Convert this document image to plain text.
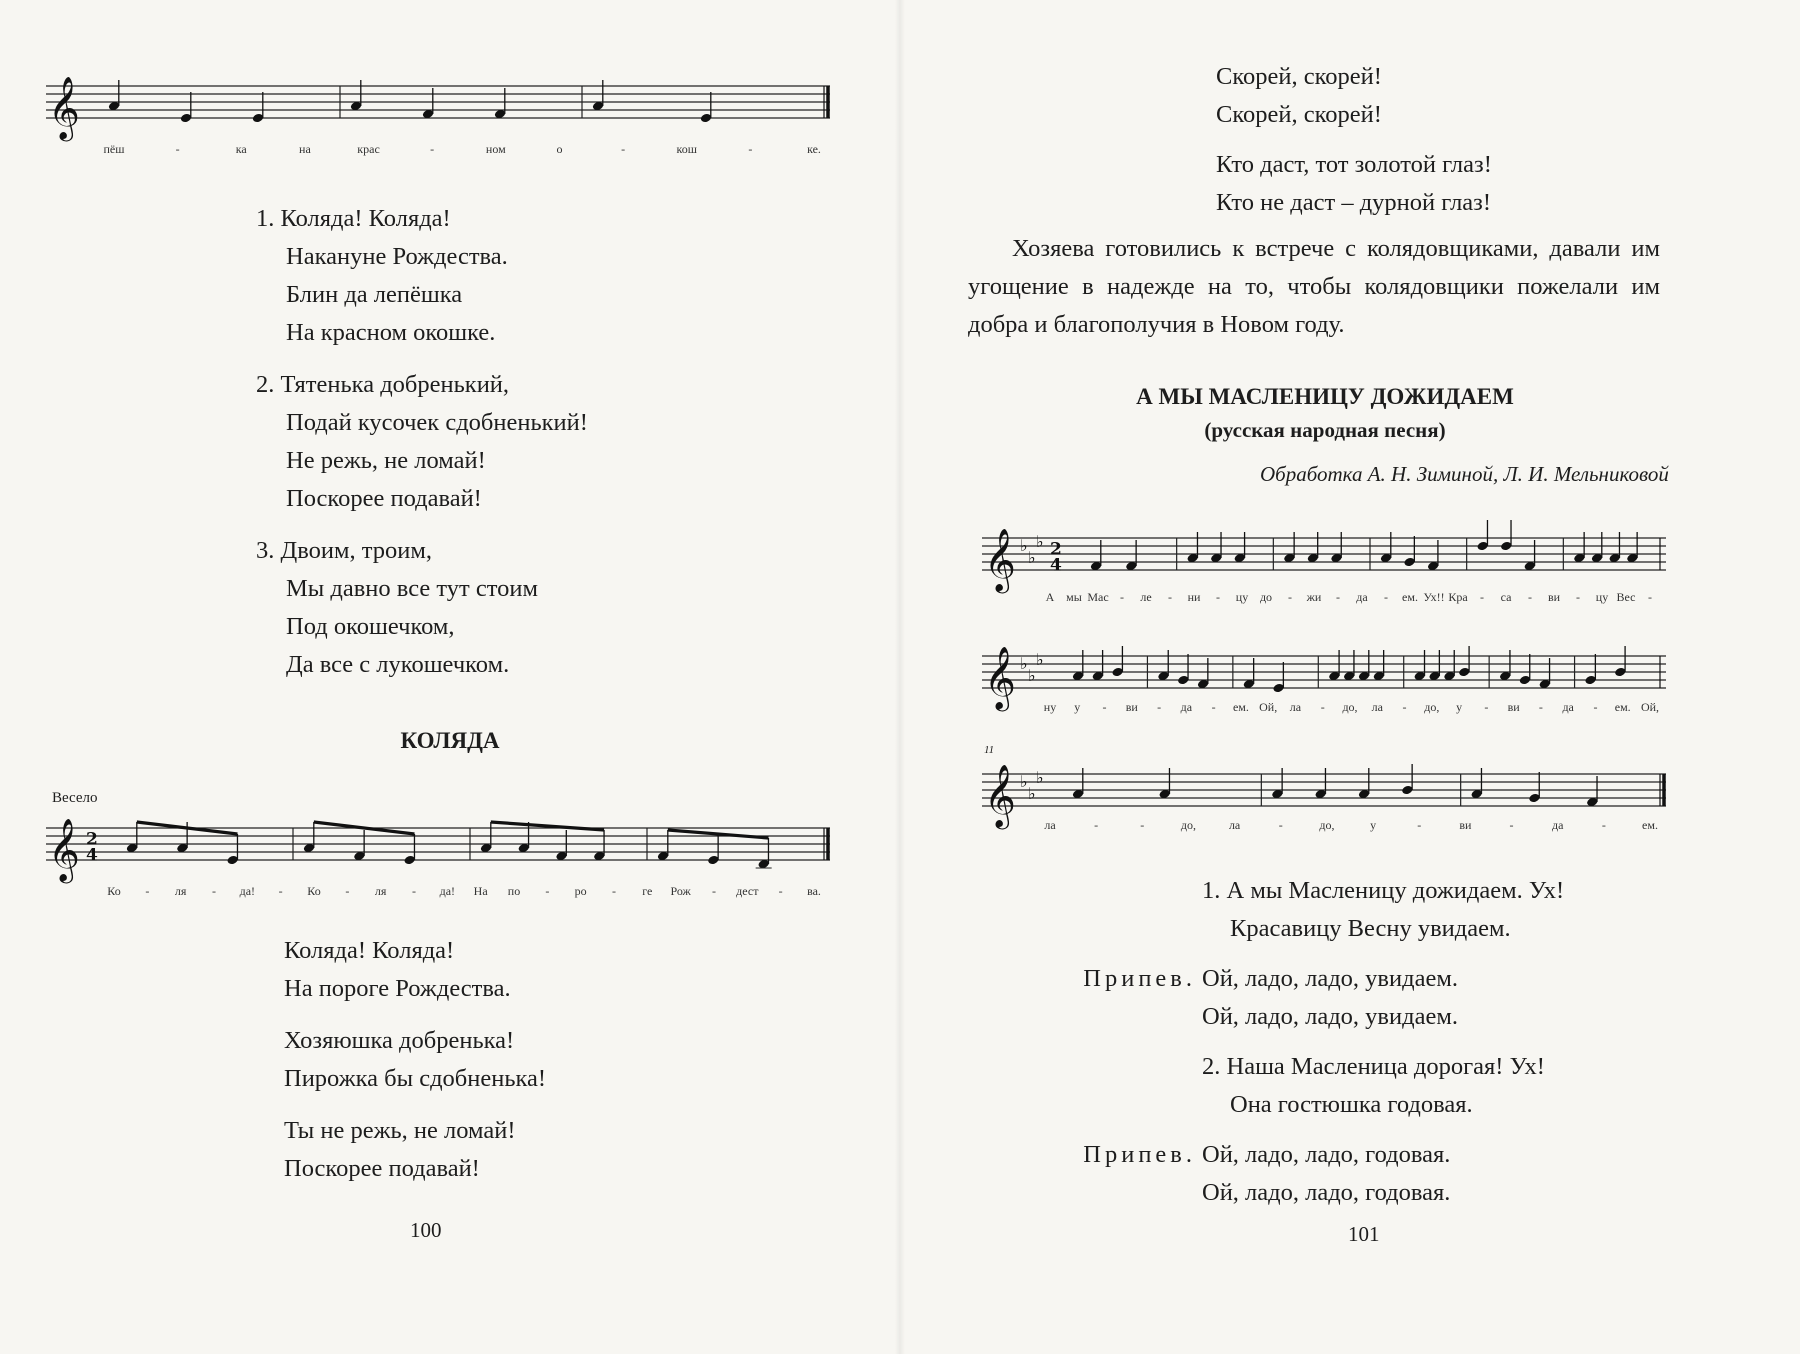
𝄞
пёш	-	ка	на	крас	-	ном	о	-	кош	-	ке.
1. Коляда! Коляда!
Накануне Рождества.
Блин да лепёшка
На красном окошке.
2. Тятенька добренький,
Подай кусочек сдобненький!
Не режь, не ломай!
Поскорее подавай!
3. Двоим, троим,
Мы давно все тут стоим
Под окошечком,
Да все с лукошечком.
КОЛЯДА
Весело
𝄞 2
4
Ко - ля - да! - Ко - ля - да! На по - ро - ге Рож - дест - ва.
Коляда! Коляда!
На пороге Рождества.
Хозяюшка добренька!
Пирожка бы сдобненька!
Ты не режь, не ломай!
Поскорее подавай!
100
Скорей, скорей!
Скорей, скорей!
Кто даст, тот золотой глаз!
Кто не даст – дурной глаз!
Хозяева готовились к встрече с колядовщиками, давали им угощение в надежде на то, чтобы колядовщики пожелали им добра и благополучия в Новом году.
А МЫ МАСЛЕНИЦУ ДОЖИДАЕМ
(русская народная песня)
Обработка А. Н. Зиминой, Л. И. Мельниковой
𝄞 ♭
♭
♭ 2
4
А мы Мас - ле - ни - цу до - жи - да - ем. Ух!! Кра - са - ви - цу Вес -
𝄞 ♭
♭
♭
ну у - ви - да - ем. Ой, ла - до, ла - до, у - ви - да - ем. Ой,
11
𝄞 ♭
♭
♭
ла	-	-	до,	ла	-	до,	у	-	ви	-	да	-	ем.
1. А мы Масленицу дожидаем. Ух!
Красавицу Весну увидаем.
Припев. Ой, ладо, ладо, увидаем.
Ой, ладо, ладо, увидаем.
2. Наша Масленица дорогая! Ух!
Она гостюшка годовая.
Припев. Ой, ладо, ладо, годовая.
Ой, ладо, ладо, годовая.
101
